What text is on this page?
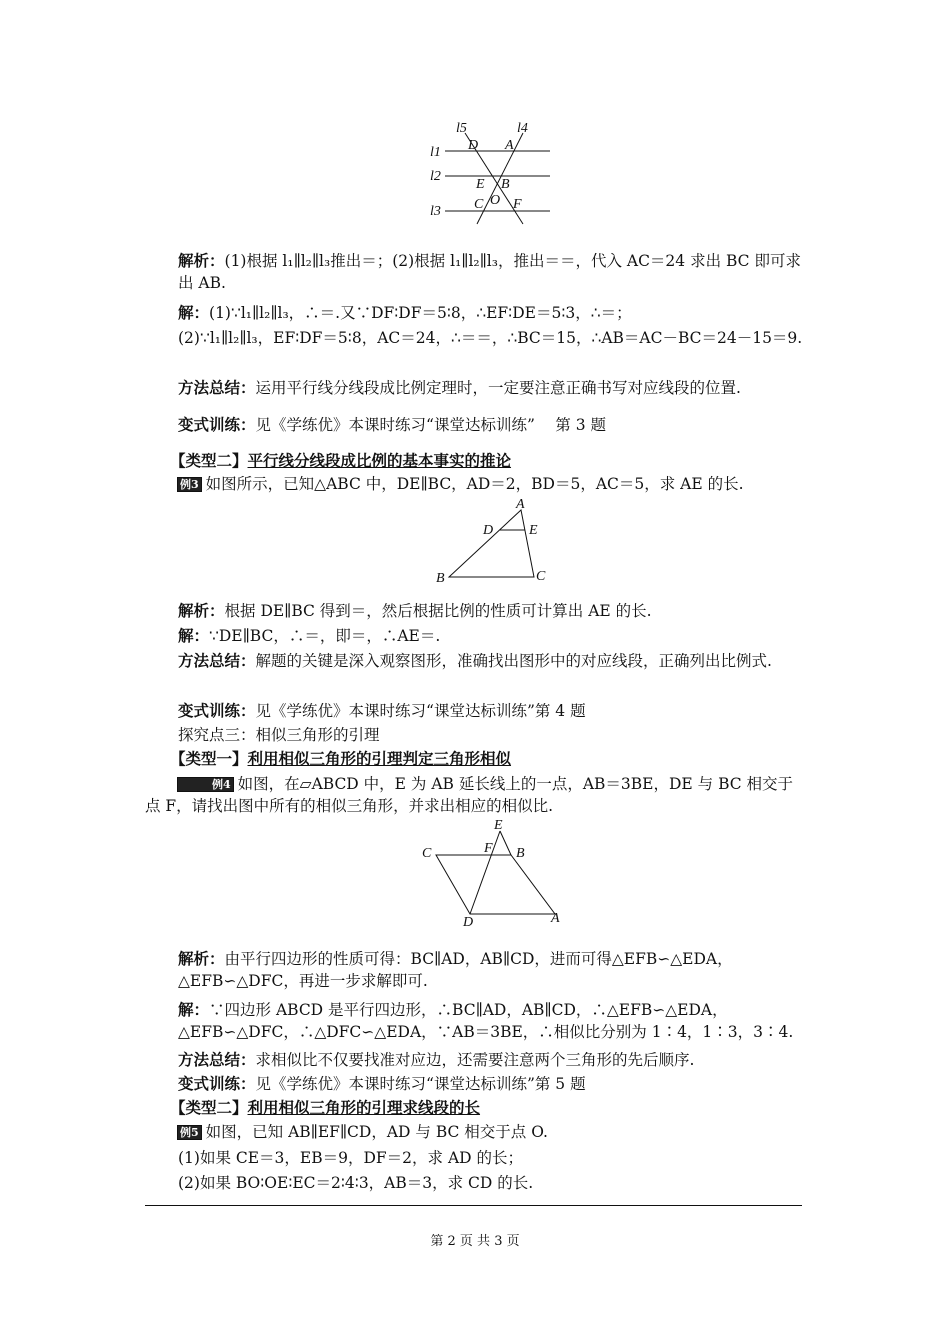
l5	l4
l1
l2
l3
D A
E B
O
C F
解析：(1)根据 l₁∥l₂∥l₃推出＝；(2)根据 l₁∥l₂∥l₃，推出＝＝，代入 AC＝24 求出 BC 即可求出 AB.
解：(1)∵l₁∥l₂∥l₃，∴＝.又∵DF∶DF＝5∶8，∴EF∶DE＝5∶3，∴＝；
(2)∵l₁∥l₂∥l₃，EF∶DF＝5∶8，AC＝24，∴＝＝，∴BC＝15，∴AB＝AC－BC＝24－15＝9.
方法总结：运用平行线分线段成比例定理时，一定要注意正确书写对应线段的位置.
变式训练：见《学练优》本课时练习“课堂达标训练”　 第 3 题
【类型二】平行线分线段成比例的基本事实的推论
例3 如图所示，已知△ABC 中，DE∥BC，AD＝2，BD＝5，AC＝5，求 AE 的长.
A
D	E
B	C
解析：根据 DE∥BC 得到＝，然后根据比例的性质可计算出 AE 的长.
解：∵DE∥BC，∴＝，即＝，∴AE＝.
方法总结：解题的关键是深入观察图形，准确找出图形中的对应线段，正确列出比例式.
变式训练：见《学练优》本课时练习“课堂达标训练”第 4 题
探究点三：相似三角形的引理
【类型一】利用相似三角形的引理判定三角形相似
例4 如图，在▱ABCD 中，E 为 AB 延长线上的一点，AB＝3BE，DE 与 BC 相交于点 F，请找出图中所有的相似三角形，并求出相应的相似比.
E
C	F B
D	A
解析：由平行四边形的性质可得：BC∥AD，AB∥CD，进而可得△EFB∽△EDA，△EFB∽△DFC，再进一步求解即可.
解：∵四边形 ABCD 是平行四边形，∴BC∥AD，AB∥CD，∴△EFB∽△EDA，△EFB∽△DFC，∴△DFC∽△EDA，∵AB＝3BE，∴相似比分别为 1∶4，1∶3，3∶4.
方法总结：求相似比不仅要找准对应边，还需要注意两个三角形的先后顺序.
变式训练：见《学练优》本课时练习“课堂达标训练”第 5 题
【类型二】利用相似三角形的引理求线段的长
例5 如图，已知 AB∥EF∥CD，AD 与 BC 相交于点 O.
(1)如果 CE＝3，EB＝9，DF＝2，求 AD 的长；
(2)如果 BO∶OE∶EC＝2∶4∶3，AB＝3，求 CD 的长.
第 2 页 共 3 页
